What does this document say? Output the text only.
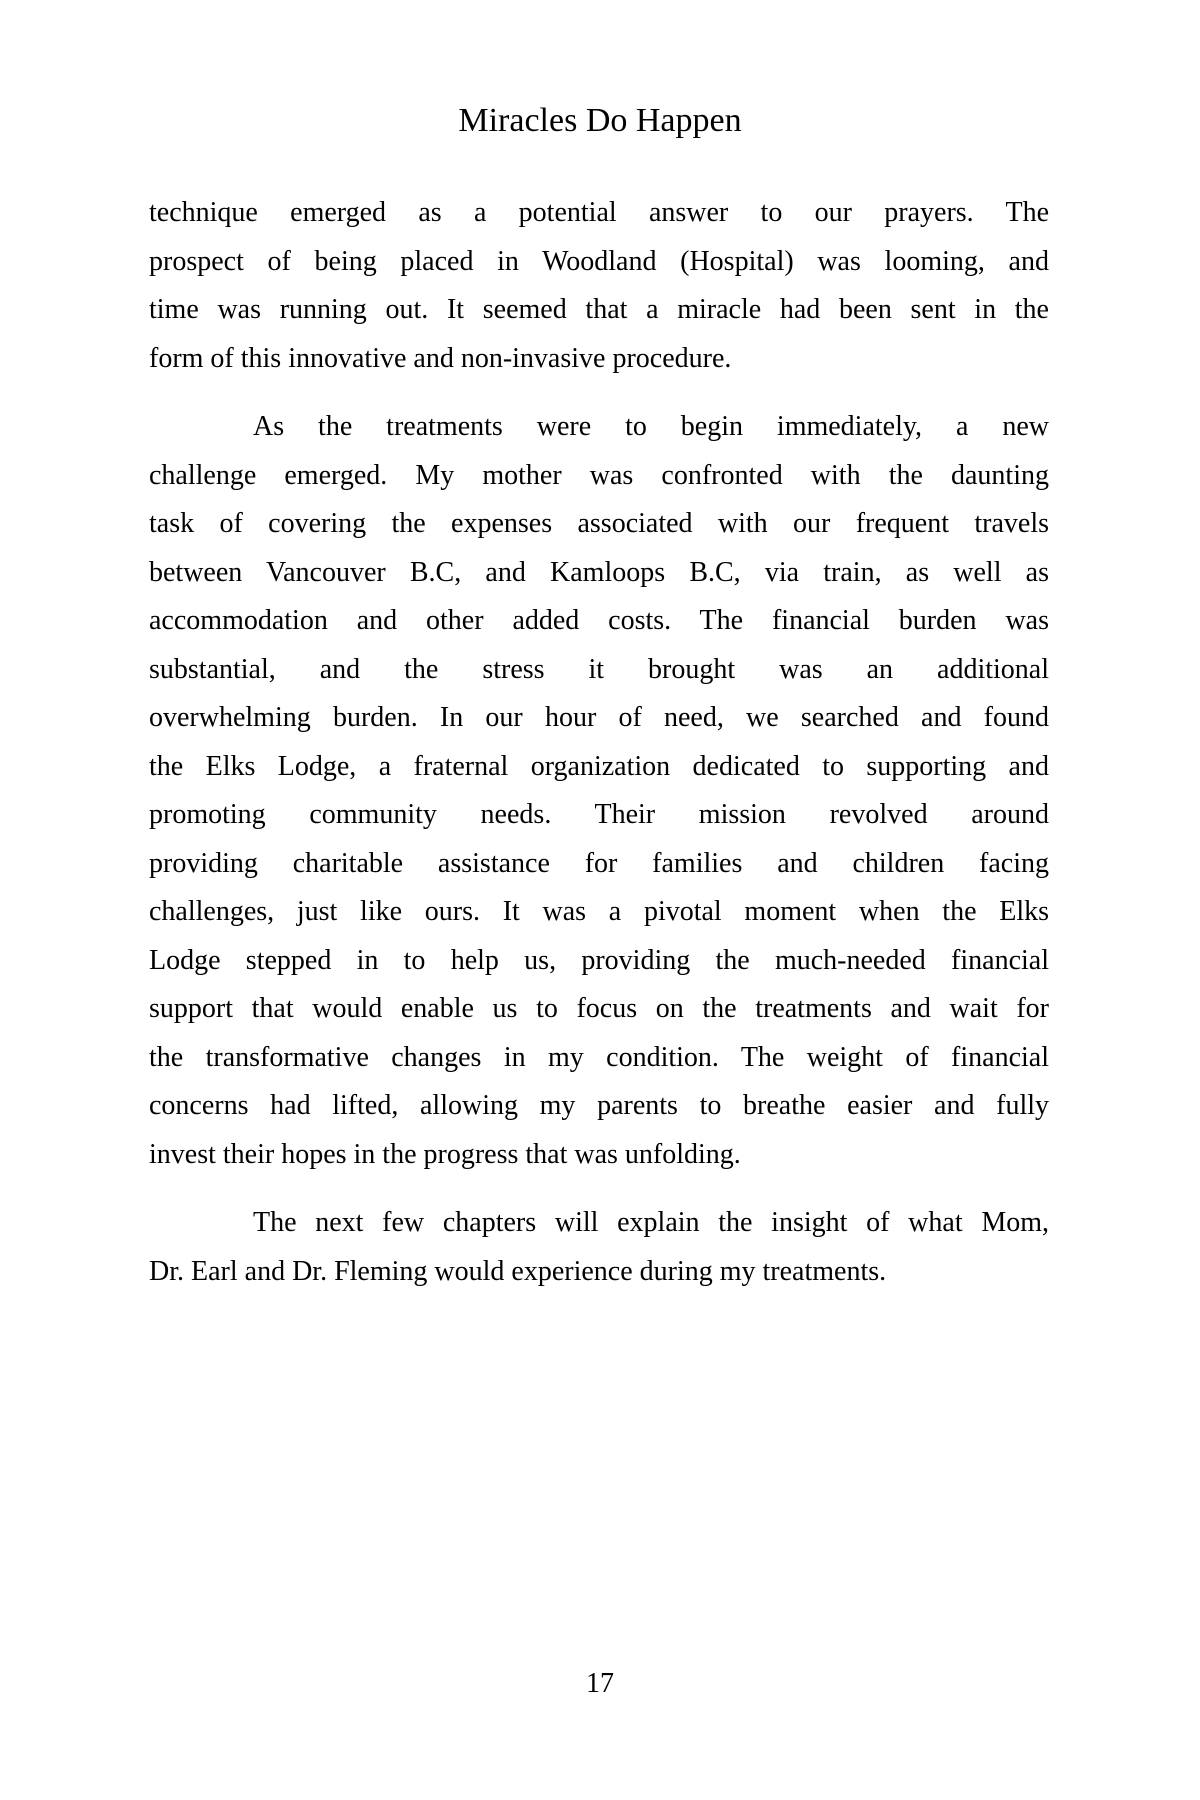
Miracles Do Happen
technique emerged as a potential answer to our prayers. The
prospect of being placed in Woodland (Hospital) was looming, and
time was running out. It seemed that a miracle had been sent in the
form of this innovative and non-invasive procedure.
As the treatments were to begin immediately, a new
challenge emerged. My mother was confronted with the daunting
task of covering the expenses associated with our frequent travels
between Vancouver B.C, and Kamloops B.C, via train, as well as
accommodation and other added costs. The financial burden was
substantial, and the stress it brought was an additional
overwhelming burden. In our hour of need, we searched and found
the Elks Lodge, a fraternal organization dedicated to supporting and
promoting community needs. Their mission revolved around
providing charitable assistance for families and children facing
challenges, just like ours. It was a pivotal moment when the Elks
Lodge stepped in to help us, providing the much-needed financial
support that would enable us to focus on the treatments and wait for
the transformative changes in my condition. The weight of financial
concerns had lifted, allowing my parents to breathe easier and fully
invest their hopes in the progress that was unfolding.
The next few chapters will explain the insight of what Mom,
Dr. Earl and Dr. Fleming would experience during my treatments.
17
